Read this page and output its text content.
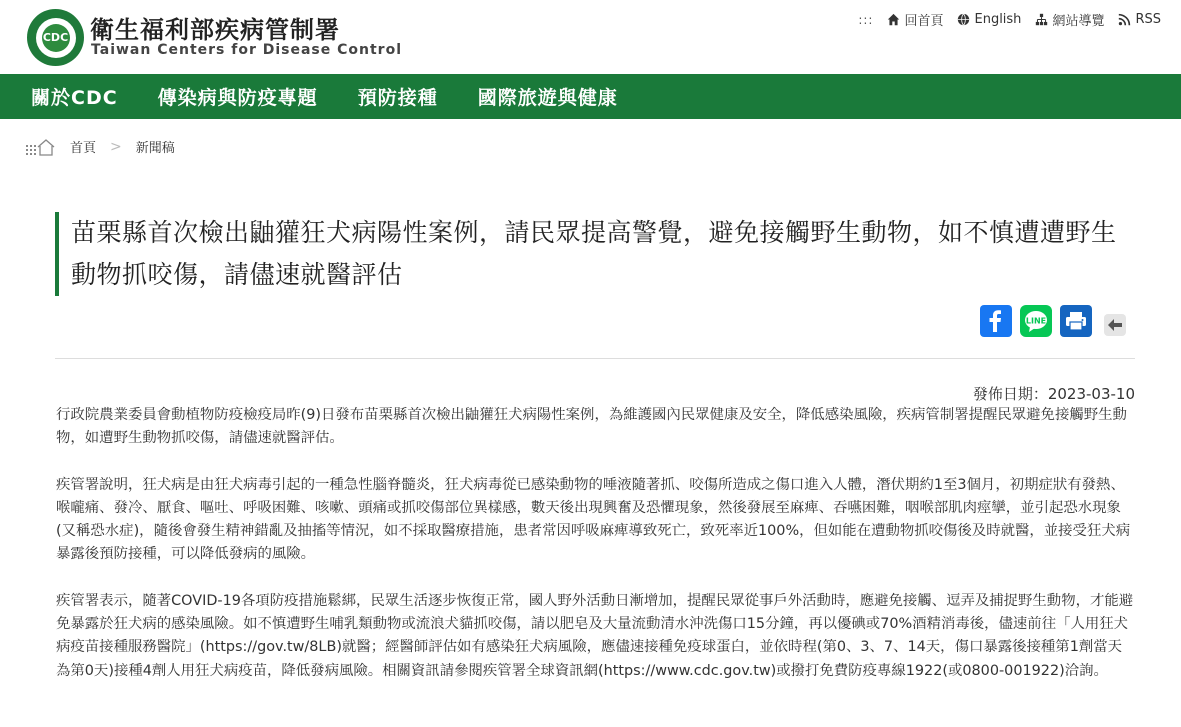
CDC 衛生福利部疾病管制署
Taiwan Centers for Disease Control
::: 回首頁 English 網站導覽 RSS
關於CDC 傳染病與防疫專題 預防接種 國際旅遊與健康
首頁 > 新聞稿
苗栗縣首次檢出鼬獾狂犬病陽性案例，請民眾提高警覺，避免接觸野生動物，如不慎遭遭野生動物抓咬傷，請儘速就醫評估
LINE
發佈日期：2023-03-10

行政院農業委員會動植物防疫檢疫局昨(9)日發布苗栗縣首次檢出鼬獾狂犬病陽性案例，為維護國內民眾健康及安全，降低感染風險，疾病管制署提醒民眾避免接觸野生動物，如遭野生動物抓咬傷，請儘速就醫評估。

疾管署說明，狂犬病是由狂犬病毒引起的一種急性腦脊髓炎，狂犬病毒從已感染動物的唾液隨著抓、咬傷所造成之傷口進入人體，潛伏期約1至3個月，初期症狀有發熱、喉嚨痛、發冷、厭食、嘔吐、呼吸困難、咳嗽、頭痛或抓咬傷部位異樣感，數天後出現興奮及恐懼現象，然後發展至麻痺、吞嚥困難，咽喉部肌肉痙攣，並引起恐水現象(又稱恐水症)，隨後會發生精神錯亂及抽搐等情況，如不採取醫療措施，患者常因呼吸麻痺導致死亡，致死率近100%，但如能在遭動物抓咬傷後及時就醫，並接受狂犬病暴露後預防接種，可以降低發病的風險。

疾管署表示，隨著COVID-19各項防疫措施鬆綁，民眾生活逐步恢復正常，國人野外活動日漸增加，提醒民眾從事戶外活動時，應避免接觸、逗弄及捕捉野生動物，才能避免暴露於狂犬病的感染風險。如不慎遭野生哺乳類動物或流浪犬貓抓咬傷，請以肥皂及大量流動清水沖洗傷口15分鐘，再以優碘或70%酒精消毒後，儘速前往「人用狂犬病疫苗接種服務醫院」(https://gov.tw/8LB)就醫；經醫師評估如有感染狂犬病風險，應儘速接種免疫球蛋白，並依時程(第0、3、7、14天，傷口暴露後接種第1劑當天為第0天)接種4劑人用狂犬病疫苗，降低發病風險。相關資訊請參閱疾管署全球資訊網(https://www.cdc.gov.tw)或撥打免費防疫專線1922(或0800-001922)洽詢。
